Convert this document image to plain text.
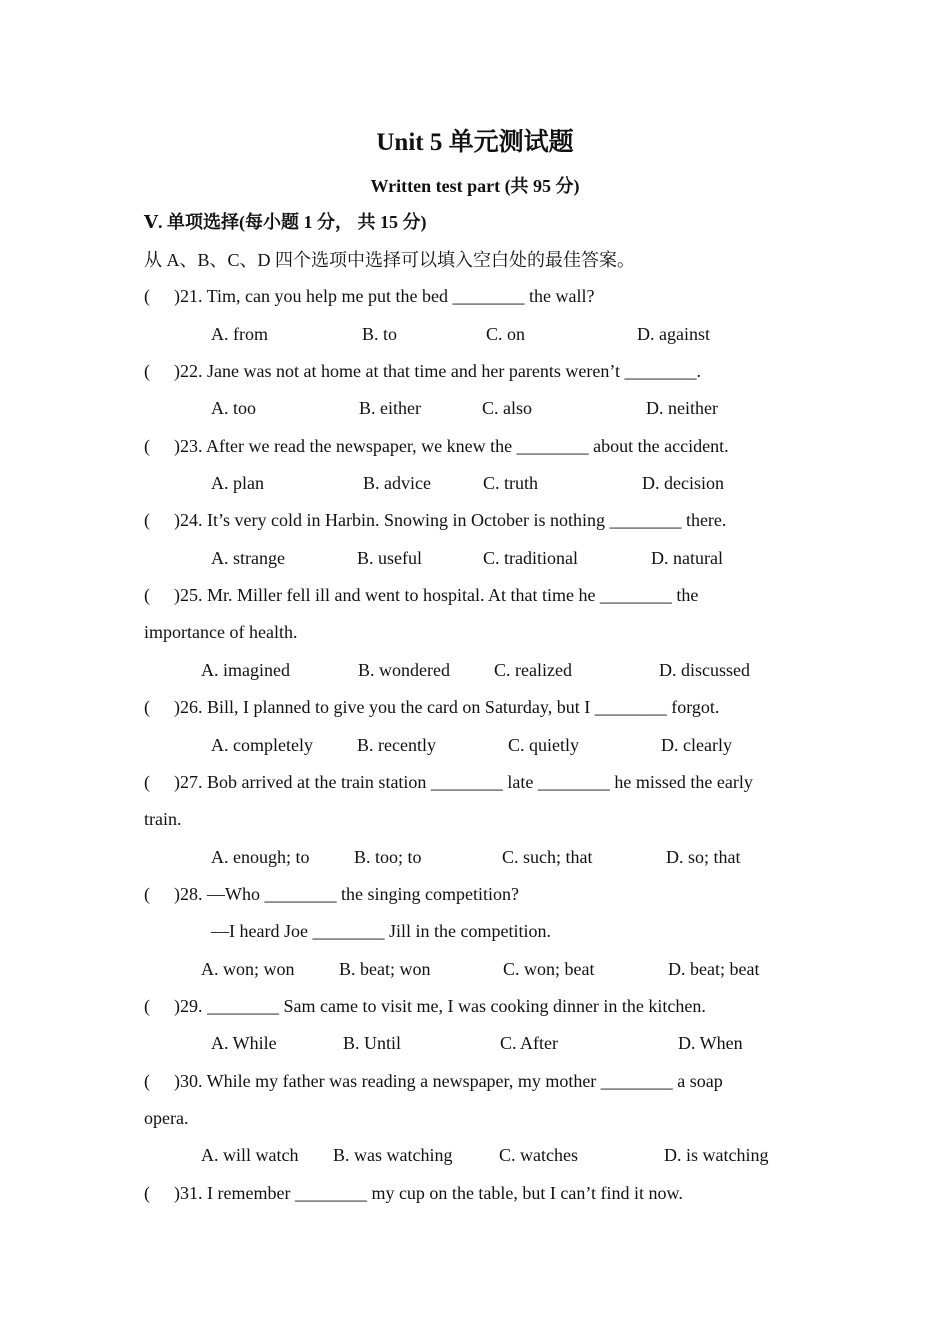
Unit 5 单元测试题
Written test part (共 95 分)
Ⅴ. 单项选择(每小题 1 分， 共 15 分)
从 A、B、C、D 四个选项中选择可以填入空白处的最佳答案。
( )21. Tim, can you help me put the bed ________ the wall?
A. from	B. to	C. on	D. against
( )22. Jane was not at home at that time and her parents weren’t ________.
A. too	B. either	C. also	D. neither
( )23. After we read the newspaper, we knew the ________ about the accident.
A. plan	B. advice	C. truth	D. decision
( )24. It’s very cold in Harbin. Snowing in October is nothing ________ there.
A. strange	B. useful	C. traditional	D. natural
( )25. Mr. Miller fell ill and went to hospital. At that time he ________ the
importance of health.
A. imagined	B. wondered C. realized	D. discussed
( )26. Bill, I planned to give you the card on Saturday, but I ________ forgot.
A. completely B. recently	C. quietly	D. clearly
( )27. Bob arrived at the train station ________ late ________ he missed the early
train.
A. enough; to B. too; to	C. such; that	D. so; that
( )28. —Who ________ the singing competition?
—I heard Joe ________ Jill in the competition.
A. won; won B. beat; won	C. won; beat	D. beat; beat
( )29. ________ Sam came to visit me, I was cooking dinner in the kitchen.
A. While	B. Until	C. After	D. When
( )30. While my father was reading a newspaper, my mother ________ a soap
opera.
A. will watch B. was watching	C. watches	D. is watching
( )31. I remember ________ my cup on the table, but I can’t find it now.
